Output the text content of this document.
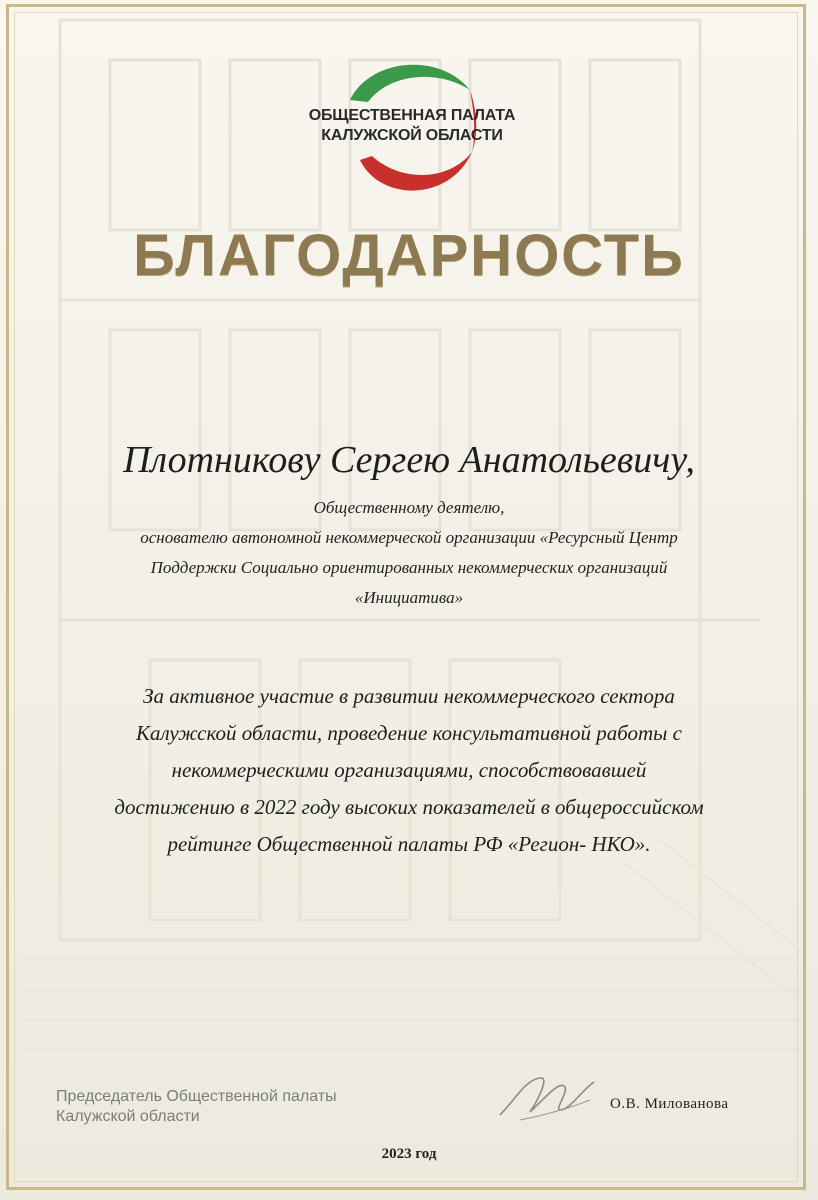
ОБЩЕСТВЕННАЯ ПАЛАТА
КАЛУЖСКОЙ ОБЛАСТИ
БЛАГОДАРНОСТЬ
Плотникову Сергею Анатольевичу,
Общественному деятелю,
основателю автономной некоммерческой организации «Ресурсный Центр
Поддержки Социально ориентированных некоммерческих организаций
«Инициатива»
За активное участие в развитии некоммерческого сектора
Калужской области, проведение консультативной работы с
некоммерческими организациями, способствовавшей
достижению в 2022 году высоких показателей в общероссийском
рейтинге Общественной палаты РФ «Регион- НКО».
Председатель Общественной палаты
Калужской области
О.В. Милованова
2023 год
